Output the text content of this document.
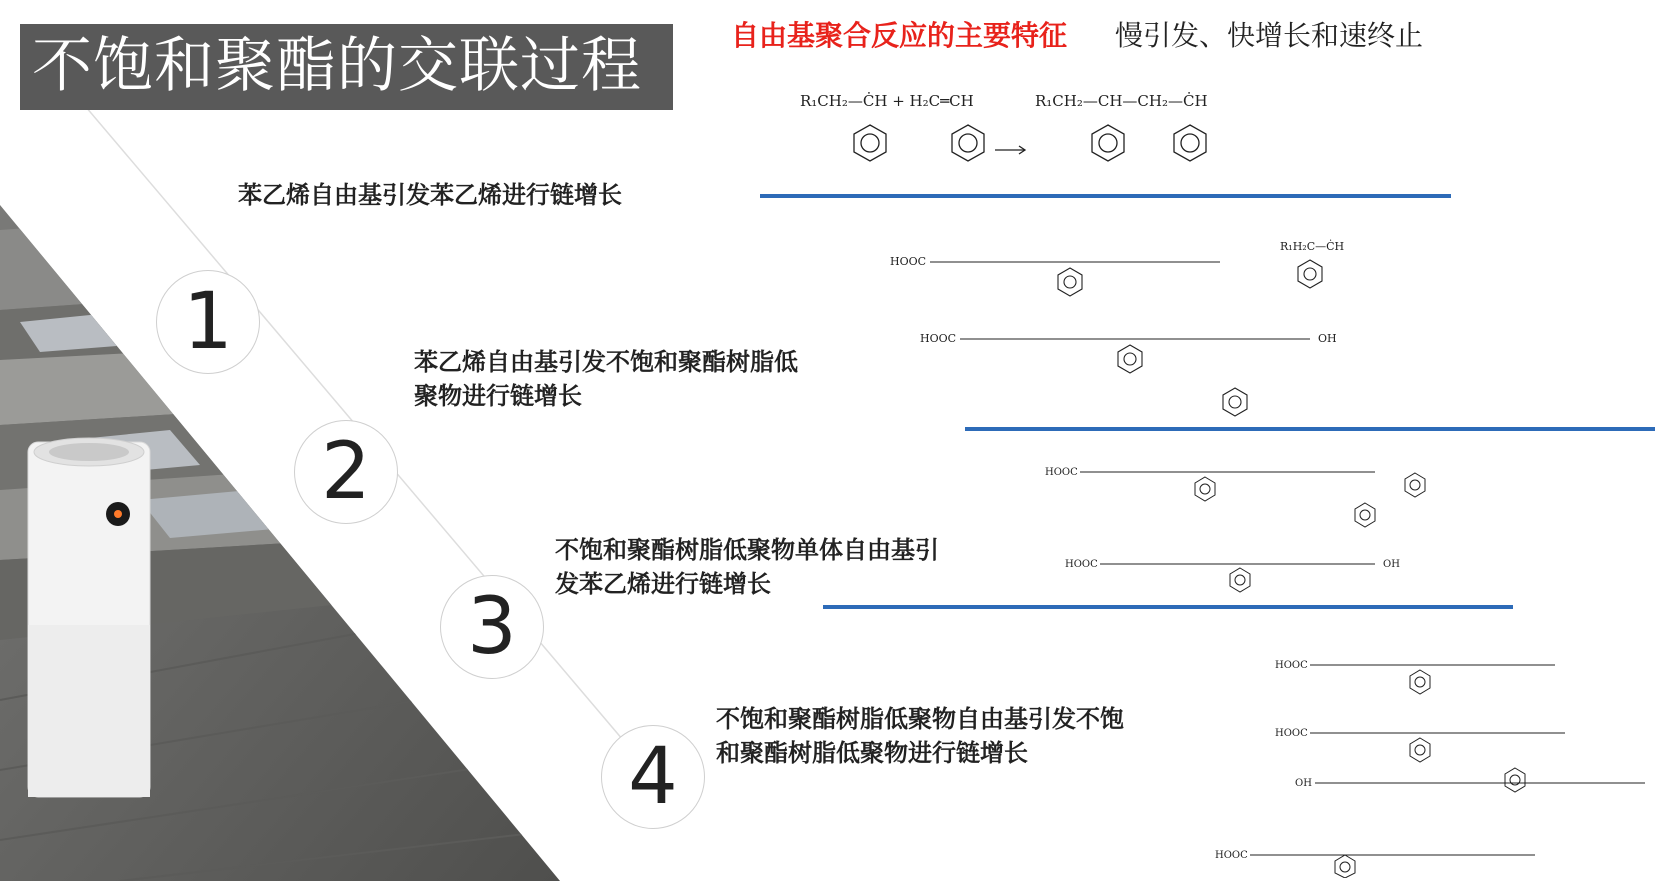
不饱和聚酯的交联过程	自由基聚合反应的主要特征 慢引发、快增长和速终止
1
2
3
4
苯乙烯自由基引发苯乙烯进行链增长
苯乙烯自由基引发不饱和聚酯树脂低
聚物进行链增长
不饱和聚酯树脂低聚物单体自由基引
发苯乙烯进行链增长
不饱和聚酯树脂低聚物自由基引发不饱
和聚酯树脂低聚物进行链增长
R₁CH₂—ĊH + H₂C═CH	R₁CH₂—CH—CH₂—ĊH
HOOC
R₁H₂C—ĊH
HOOC	OH
HOOC
HOOC	OH
HOOC
HOOC
OH
HOOC
